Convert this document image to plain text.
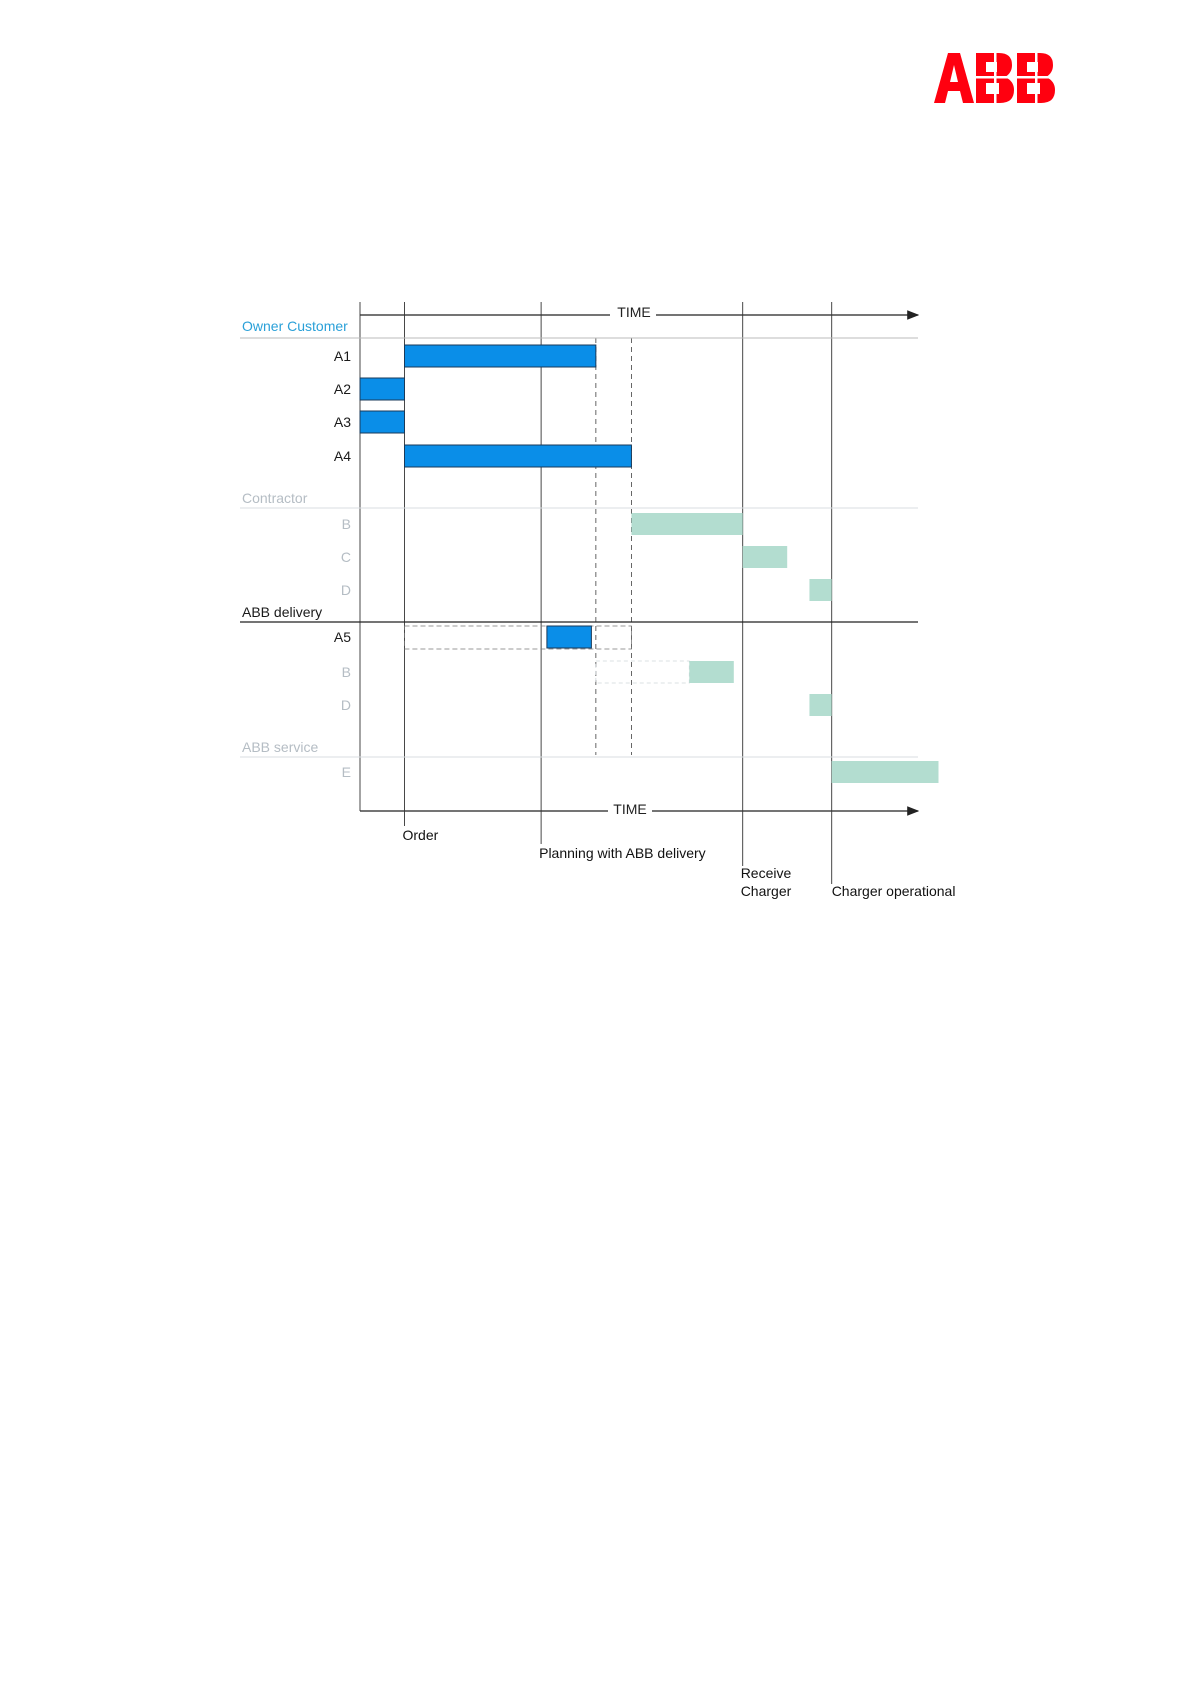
TIME
TIME
Owner Customer
Contractor
ABB delivery
ABB service
A1
A2
A3
A4
B
C
D
A5
B
D
E
Order
Planning with ABB delivery
Receive
Charger	Charger operational
